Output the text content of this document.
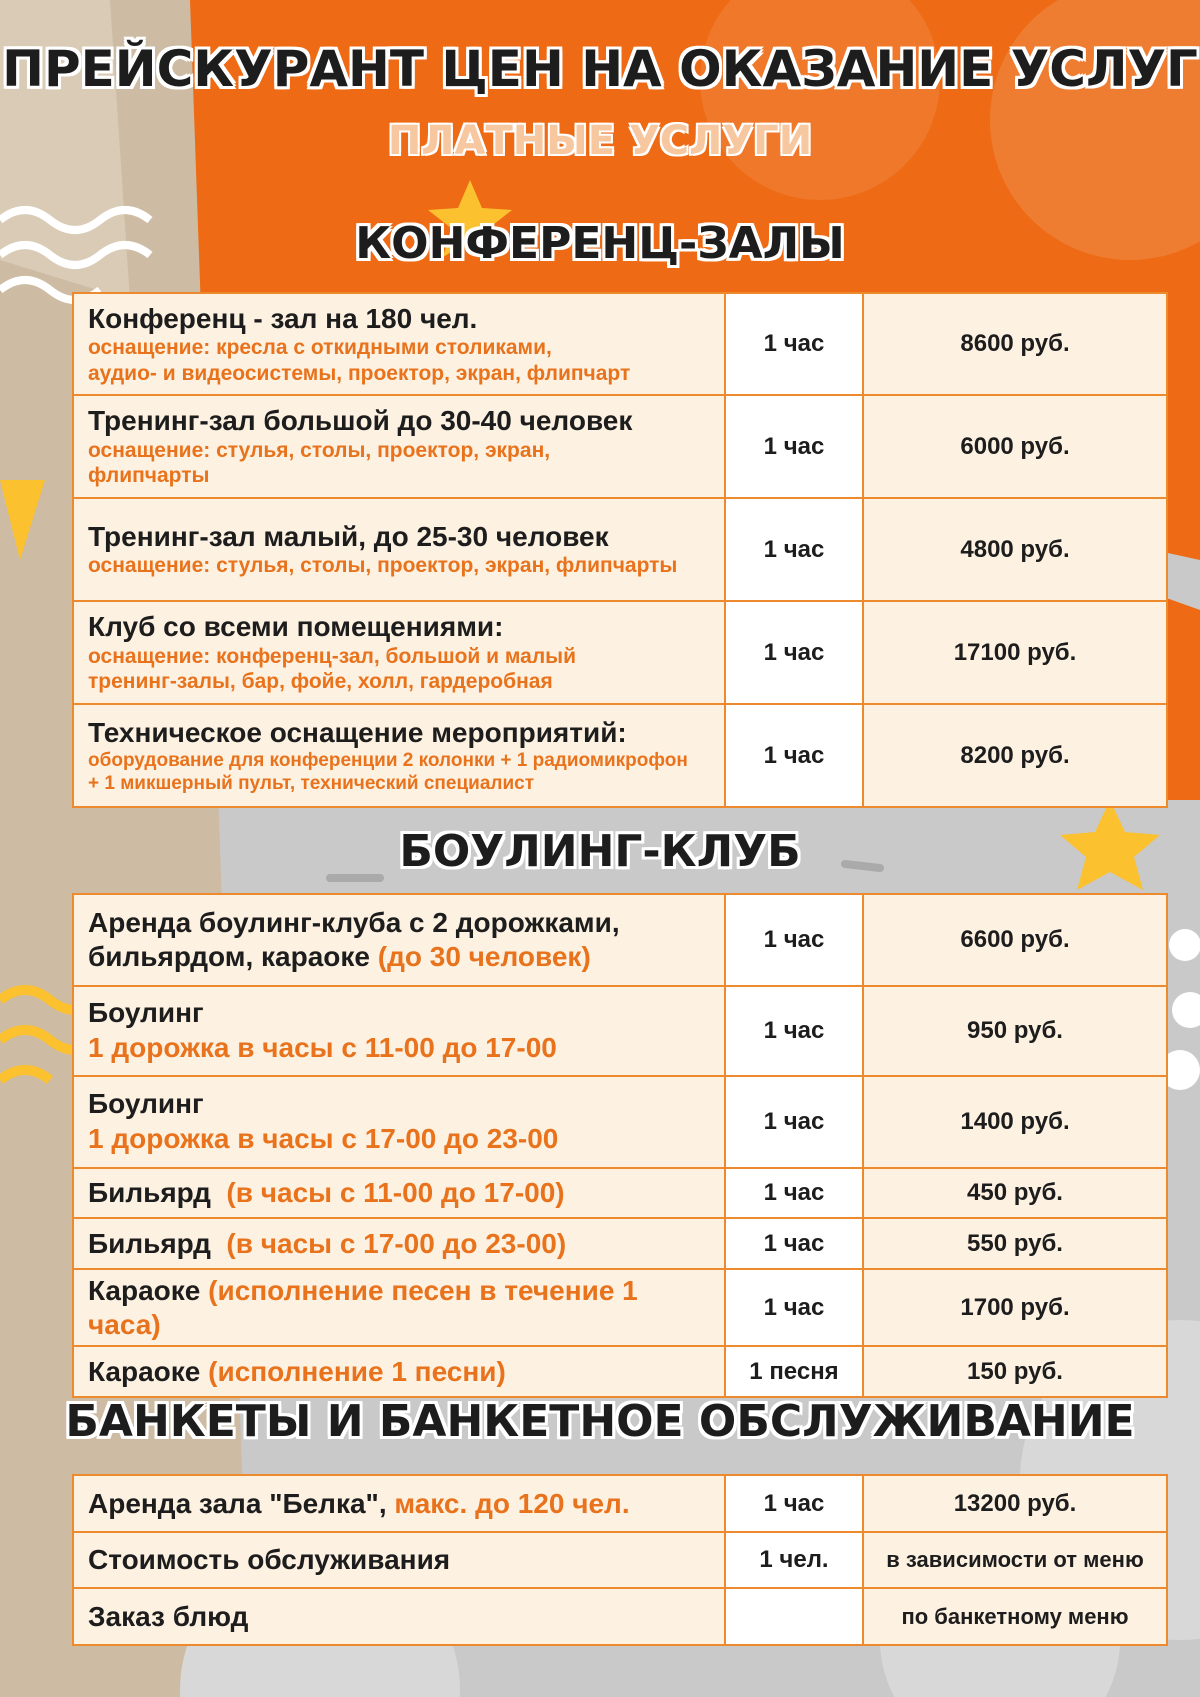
ПРЕЙСКУРАНТ ЦЕН НА ОКАЗАНИЕ УСЛУГ
ПЛАТНЫЕ УСЛУГИ
КОНФЕРЕНЦ-ЗАЛЫ
Конференц - зал на 180 чел.
оснащение: кресла с откидными столиками,
аудио- и видеосистемы, проектор, экран, флипчарт	1 час	8600 руб.

Тренинг-зал большой до 30-40 человек
оснащение: стулья, столы, проектор, экран,
флипчарты	1 час	6000 руб.

Тренинг-зал малый, до 25-30 человек
оснащение: стулья, столы, проектор, экран, флипчарты	1 час	4800 руб.

Клуб со всеми помещениями:
оснащение: конференц-зал, большой и малый
тренинг-залы, бар, фойе, холл, гардеробная	1 час	17100 руб.

Техническое оснащение мероприятий:
оборудование для конференции 2 колонки + 1 радиомикрофон
+ 1 микшерный пульт, технический специалист	1 час	8200 руб.
БОУЛИНГ-КЛУБ
Аренда боулинг-клуба с 2 дорожками,
бильярдом, караоке (до 30 человек)	1 час	6600 руб.

Боулинг
1 дорожка в часы с 11-00 до 17-00	1 час	950 руб.

Боулинг
1 дорожка в часы с 17-00 до 23-00	1 час	1400 руб.

Бильярд (в часы с 11-00 до 17-00)	1 час	450 руб.

Бильярд (в часы с 17-00 до 23-00)	1 час	550 руб.

Караоке (исполнение песен в течение 1 часа)	1 час	1700 руб.

Караоке (исполнение 1 песни)	1 песня	150 руб.
БАНКЕТЫ И БАНКЕТНОЕ ОБСЛУЖИВАНИЕ
Аренда зала "Белка", макс. до 120 чел.	1 час	13200 руб.

Стоимость обслуживания	1 чел.	в зависимости от меню

Заказ блюд		по банкетному меню
